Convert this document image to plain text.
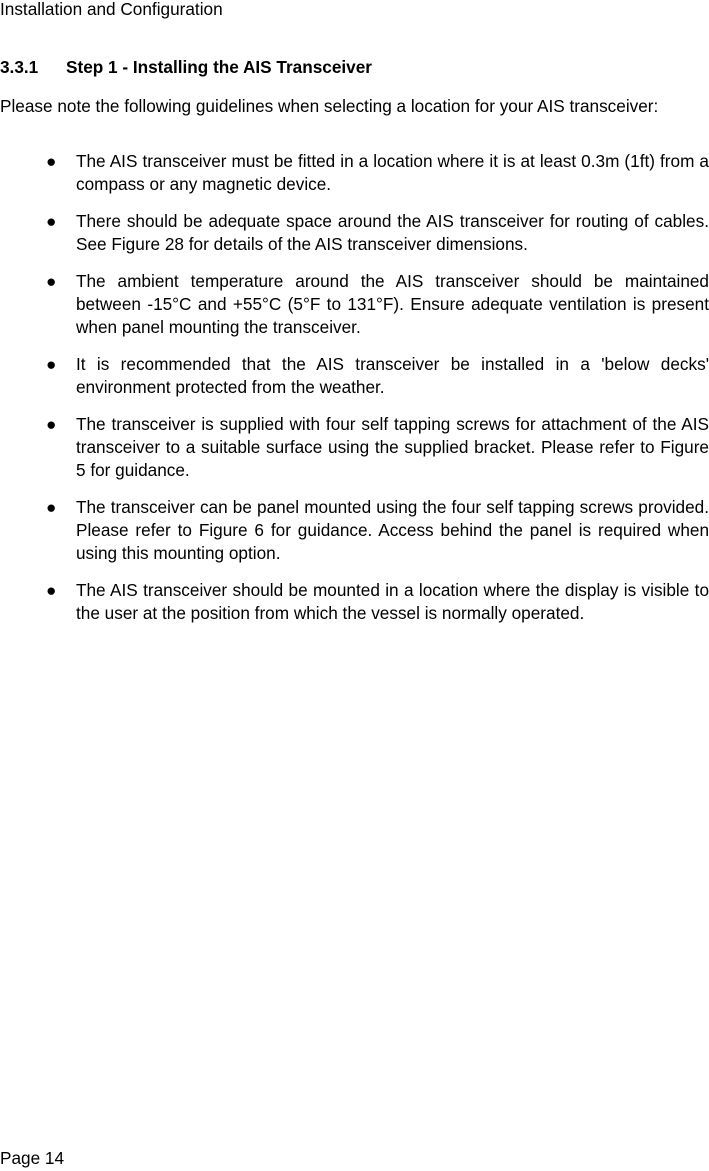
Installation and Configuration
3.3.1 Step 1 - Installing the AIS Transceiver
Please note the following guidelines when selecting a location for your AIS transceiver:
● The AIS transceiver must be fitted in a location where it is at least 0.3m (1ft) from a compass or any magnetic device.
● There should be adequate space around the AIS transceiver for routing of cables. See Figure 28 for details of the AIS transceiver dimensions.
● The ambient temperature around the AIS transceiver should be maintained between -15°C and +55°C (5°F to 131°F). Ensure adequate ventilation is present when panel mounting the transceiver.
● It is recommended that the AIS transceiver be installed in a 'below decks' environment protected from the weather.
● The transceiver is supplied with four self tapping screws for attachment of the AIS transceiver to a suitable surface using the supplied bracket. Please refer to Figure 5 for guidance.
● The transceiver can be panel mounted using the four self tapping screws provided. Please refer to Figure 6 for guidance. Access behind the panel is required when using this mounting option.
● The AIS transceiver should be mounted in a location where the display is visible to the user at the position from which the vessel is normally operated.
Page 14
